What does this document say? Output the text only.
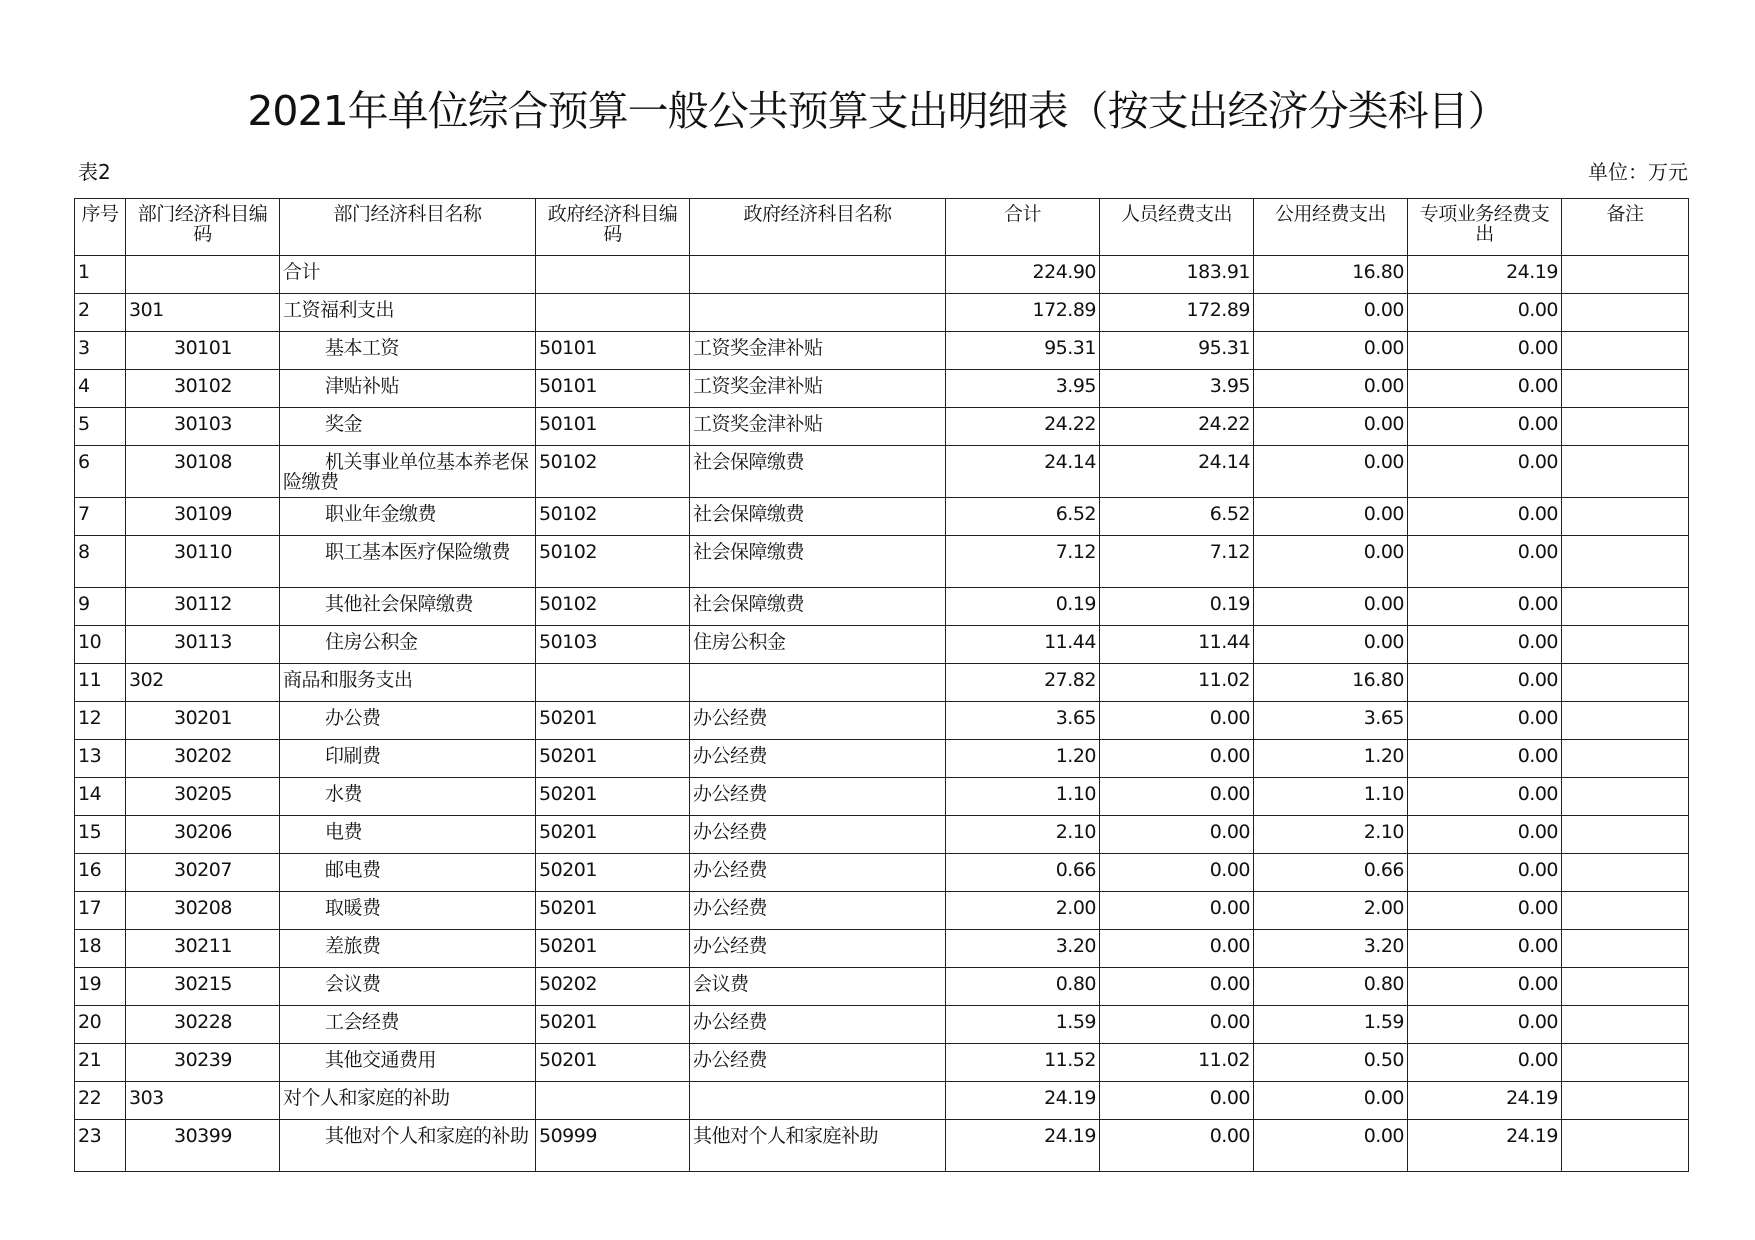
2021年单位综合预算一般公共预算支出明细表（按支出经济分类科目）
表2	单位：万元
序号	部门经济科目编码	部门经济科目名称	政府经济科目编码	政府经济科目名称	合计	人员经费支出	公用经费支出	专项业务经费支出	备注
1		合计			224.90	183.91	16.80	24.19	
2	301	工资福利支出			172.89	172.89	0.00	0.00	
3	30101	基本工资	50101	工资奖金津补贴	95.31	95.31	0.00	0.00	
4	30102	津贴补贴	50101	工资奖金津补贴	3.95	3.95	0.00	0.00	
5	30103	奖金	50101	工资奖金津补贴	24.22	24.22	0.00	0.00	
6	30108	机关事业单位基本养老保险缴费	50102	社会保障缴费	24.14	24.14	0.00	0.00	
7	30109	职业年金缴费	50102	社会保障缴费	6.52	6.52	0.00	0.00	
8	30110	职工基本医疗保险缴费	50102	社会保障缴费	7.12	7.12	0.00	0.00	
9	30112	其他社会保障缴费	50102	社会保障缴费	0.19	0.19	0.00	0.00	
10	30113	住房公积金	50103	住房公积金	11.44	11.44	0.00	0.00	
11	302	商品和服务支出			27.82	11.02	16.80	0.00	
12	30201	办公费	50201	办公经费	3.65	0.00	3.65	0.00	
13	30202	印刷费	50201	办公经费	1.20	0.00	1.20	0.00	
14	30205	水费	50201	办公经费	1.10	0.00	1.10	0.00	
15	30206	电费	50201	办公经费	2.10	0.00	2.10	0.00	
16	30207	邮电费	50201	办公经费	0.66	0.00	0.66	0.00	
17	30208	取暖费	50201	办公经费	2.00	0.00	2.00	0.00	
18	30211	差旅费	50201	办公经费	3.20	0.00	3.20	0.00	
19	30215	会议费	50202	会议费	0.80	0.00	0.80	0.00	
20	30228	工会经费	50201	办公经费	1.59	0.00	1.59	0.00	
21	30239	其他交通费用	50201	办公经费	11.52	11.02	0.50	0.00	
22	303	对个人和家庭的补助			24.19	0.00	0.00	24.19	
23	30399	其他对个人和家庭的补助	50999	其他对个人和家庭补助	24.19	0.00	0.00	24.19	
